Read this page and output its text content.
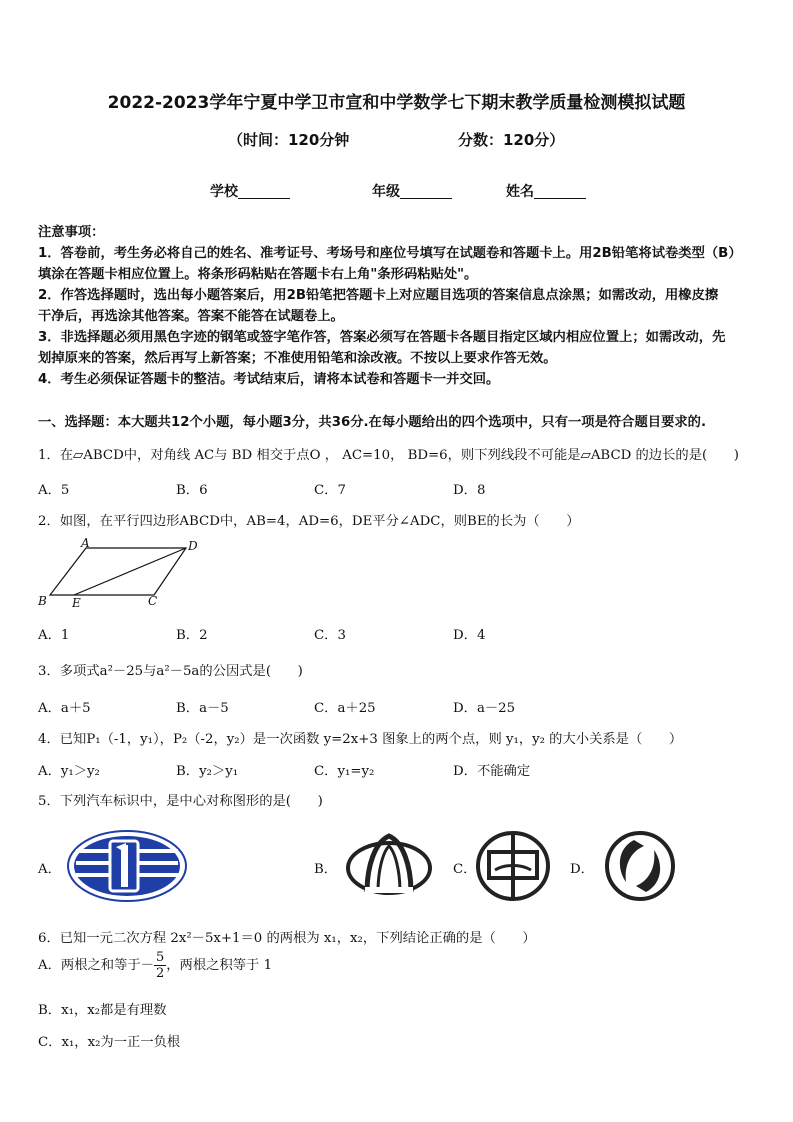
2022-2023学年宁夏中学卫市宣和中学数学七下期末教学质量检测模拟试题
（时间：120分钟	分数：120分）
学校	年级	姓名
注意事项：
1．答卷前，考生务必将自己的姓名、准考证号、考场号和座位号填写在试题卷和答题卡上。用2B铅笔将试卷类型（B）
填涂在答题卡相应位置上。将条形码粘贴在答题卡右上角"条形码粘贴处"。
2．作答选择题时，选出每小题答案后，用2B铅笔把答题卡上对应题目选项的答案信息点涂黑；如需改动，用橡皮擦
干净后，再选涂其他答案。答案不能答在试题卷上。
3．非选择题必须用黑色字迹的钢笔或签字笔作答，答案必须写在答题卡各题目指定区域内相应位置上；如需改动，先
划掉原来的答案，然后再写上新答案；不准使用铅笔和涂改液。不按以上要求作答无效。
4．考生必须保证答题卡的整洁。考试结束后，请将本试卷和答题卡一并交回。
一、选择题：本大题共12个小题，每小题3分，共36分.在每小题给出的四个选项中，只有一项是符合题目要求的.
1．在▱ABCD中，对角线 AC与 BD 相交于点O ， AC=10， BD=6，则下列线段不可能是▱ABCD 的边长的是(　　)
A．5	B．6	C．7	D．8
2．如图，在平行四边形ABCD中，AB=4，AD=6，DE平分∠ADC，则BE的长为（　　）
A	D
B E	C
A．1	B．2	C．3	D．4
3．多项式a²－25与a²－5a的公因式是(　　)
A．a＋5	B．a－5	C．a＋25	D．a－25
4．已知P₁（-1，y₁），P₂（-2，y₂）是一次函数 y=2x+3 图象上的两个点，则 y₁，y₂ 的大小关系是（　　）
A．y₁＞y₂	B．y₂＞y₁	C．y₁=y₂	D．不能确定
5．下列汽车标识中，是中心对称图形的是(　　)
A．	B．	C．	D．
6．已知一元二次方程 2x²－5x+1＝0 的两根为 x₁，x₂，下列结论正确的是（　　）
A．两根之和等于－ $\frac{5}{2}$ ，两根之积等于 1
B．x₁，x₂都是有理数
C．x₁，x₂为一正一负根
